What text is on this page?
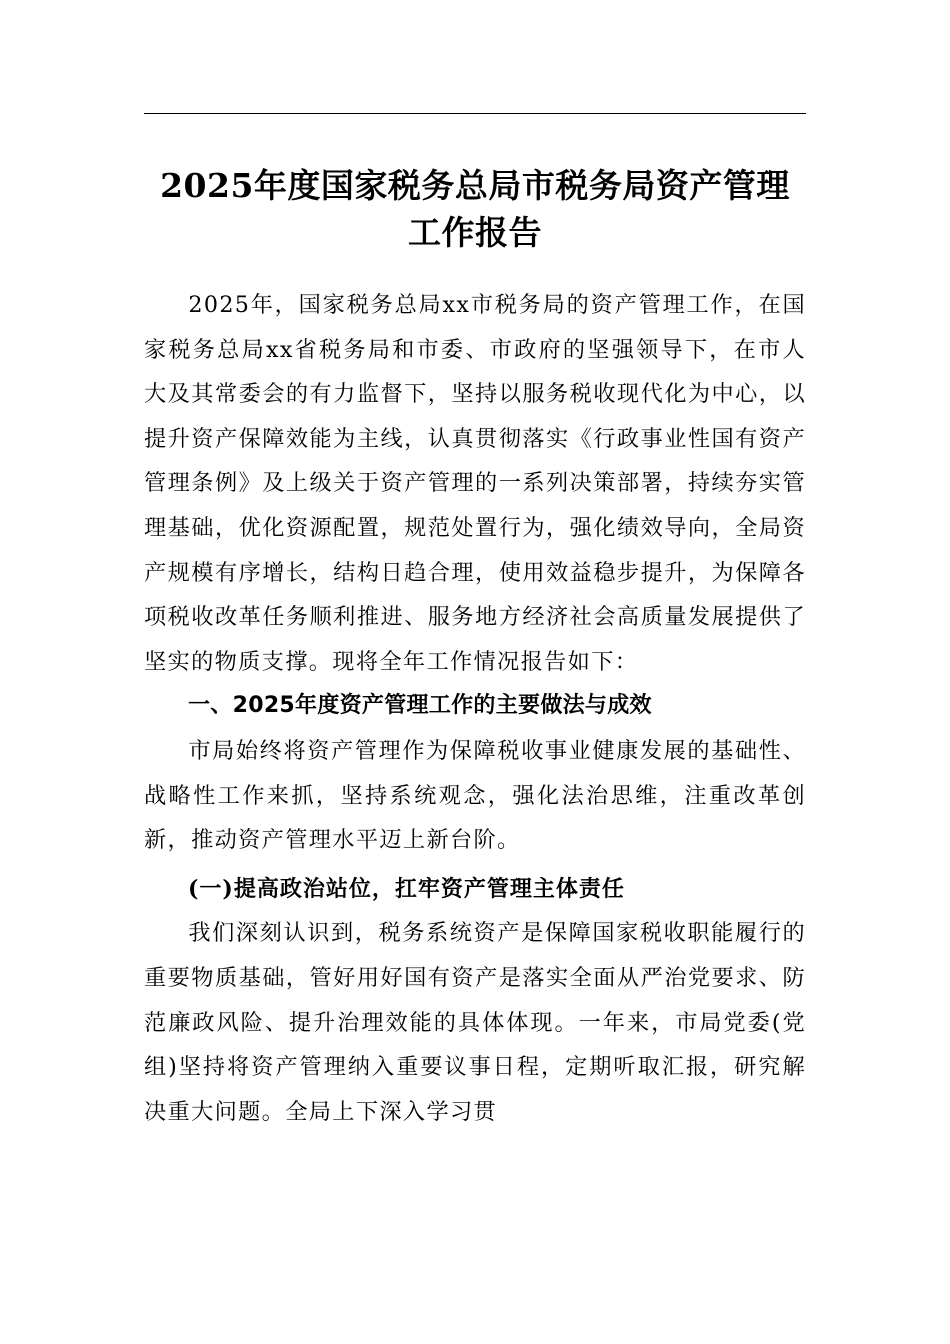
2025年度国家税务总局市税务局资产管理
工作报告

2025年，国家税务总局xx市税务局的资产管理工作，在国家税务总局xx省税务局和市委、市政府的坚强领导下，在市人大及其常委会的有力监督下，坚持以服务税收现代化为中心，以提升资产保障效能为主线，认真贯彻落实《行政事业性国有资产管理条例》及上级关于资产管理的一系列决策部署，持续夯实管理基础，优化资源配置，规范处置行为，强化绩效导向，全局资产规模有序增长，结构日趋合理，使用效益稳步提升，为保障各项税收改革任务顺利推进、服务地方经济社会高质量发展提供了坚实的物质支撑。现将全年工作情况报告如下：

一、2025年度资产管理工作的主要做法与成效

市局始终将资产管理作为保障税收事业健康发展的基础性、战略性工作来抓，坚持系统观念，强化法治思维，注重改革创新，推动资产管理水平迈上新台阶。

(一)提高政治站位，扛牢资产管理主体责任

我们深刻认识到，税务系统资产是保障国家税收职能履行的重要物质基础，管好用好国有资产是落实全面从严治党要求、防范廉政风险、提升治理效能的具体体现。一年来，市局党委(党组)坚持将资产管理纳入重要议事日程，定期听取汇报，研究解决重大问题。全局上下深入学习贯
